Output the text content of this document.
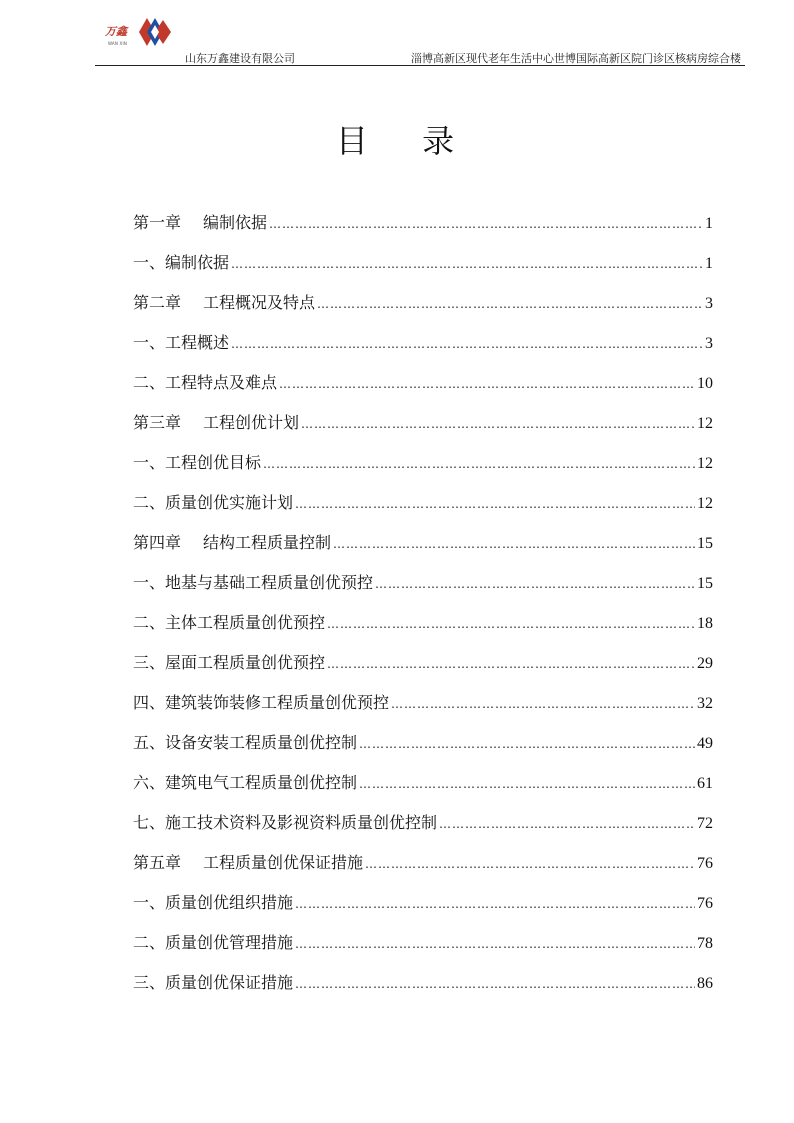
万鑫
WAN XIN
山东万鑫建设有限公司	淄博高新区现代老年生活中心世博国际高新区院门诊区核病房综合楼
目 录
第一章 编制依据 ……………………………………………………………………………………………………………………………………………………	1
一、编制依据 ……………………………………………………………………………………………………………………………………………………	1
第二章 工程概况及特点 ……………………………………………………………………………………………………………………………………………………	3
一、工程概述 ……………………………………………………………………………………………………………………………………………………	3
二、工程特点及难点 ……………………………………………………………………………………………………………………………………………………	10
第三章 工程创优计划 ……………………………………………………………………………………………………………………………………………………	12
一、工程创优目标 ……………………………………………………………………………………………………………………………………………………	12
二、质量创优实施计划 ……………………………………………………………………………………………………………………………………………………	12
第四章 结构工程质量控制 ……………………………………………………………………………………………………………………………………………………	15
一、地基与基础工程质量创优预控 ……………………………………………………………………………………………………………………………………………………	15
二、主体工程质量创优预控 ……………………………………………………………………………………………………………………………………………………	18
三、屋面工程质量创优预控 ……………………………………………………………………………………………………………………………………………………	29
四、建筑装饰装修工程质量创优预控 ……………………………………………………………………………………………………………………………………………………	32
五、设备安装工程质量创优控制 ……………………………………………………………………………………………………………………………………………………	49
六、建筑电气工程质量创优控制 ……………………………………………………………………………………………………………………………………………………	61
七、施工技术资料及影视资料质量创优控制 ……………………………………………………………………………………………………………………………………………………	72
第五章 工程质量创优保证措施 ……………………………………………………………………………………………………………………………………………………	76
一、质量创优组织措施 ……………………………………………………………………………………………………………………………………………………	76
二、质量创优管理措施 ……………………………………………………………………………………………………………………………………………………	78
三、质量创优保证措施 ……………………………………………………………………………………………………………………………………………………	86
